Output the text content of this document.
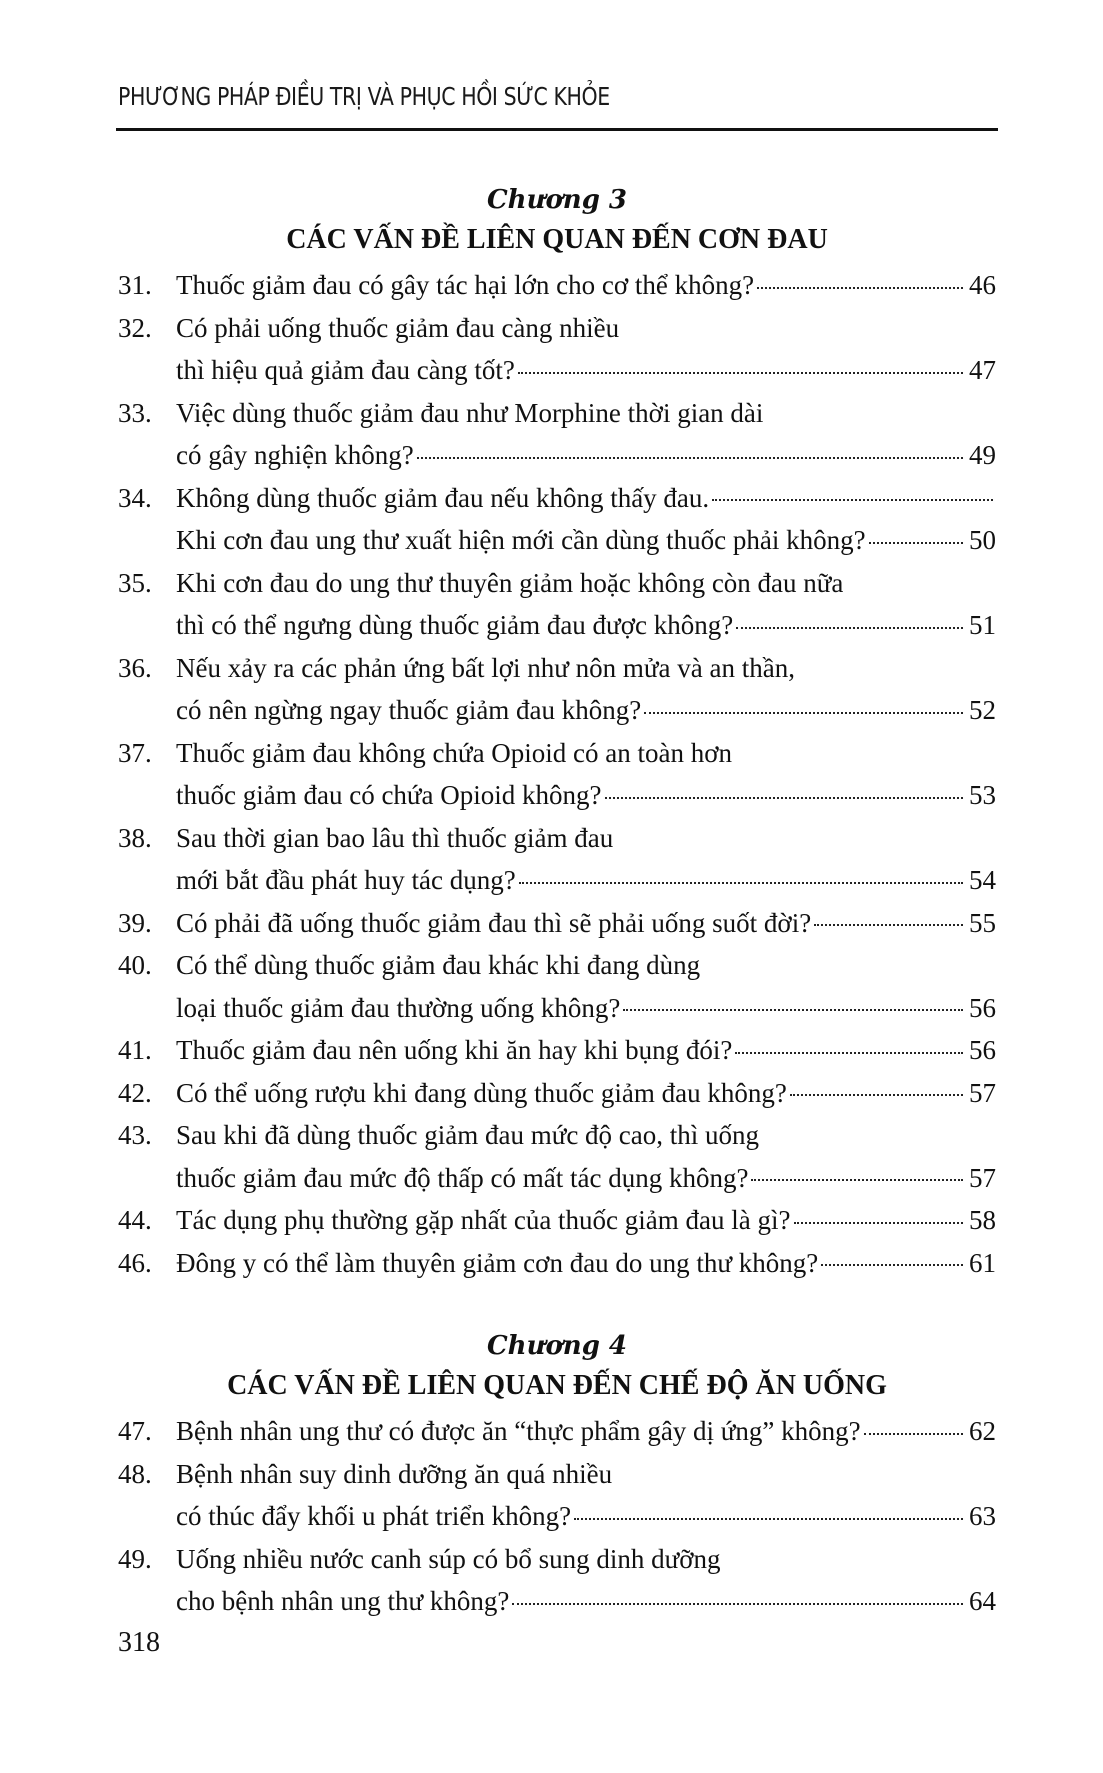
PHƯƠNG PHÁP ĐIỀU TRỊ VÀ PHỤC HỒI SỨC KHỎE
Chương 3
CÁC VẤN ĐỀ LIÊN QUAN ĐẾN CƠN ĐAU
31. Thuốc giảm đau có gây tác hại lớn cho cơ thể không?	46
32. Có phải uống thuốc giảm đau càng nhiều
thì hiệu quả giảm đau càng tốt?	47
33. Việc dùng thuốc giảm đau như Morphine thời gian dài
có gây nghiện không?	49
34. Không dùng thuốc giảm đau nếu không thấy đau.
Khi cơn đau ung thư xuất hiện mới cần dùng thuốc phải không?	50
35. Khi cơn đau do ung thư thuyên giảm hoặc không còn đau nữa
thì có thể ngưng dùng thuốc giảm đau được không?	51
36. Nếu xảy ra các phản ứng bất lợi như nôn mửa và an thần,
có nên ngừng ngay thuốc giảm đau không?	52
37. Thuốc giảm đau không chứa Opioid có an toàn hơn
thuốc giảm đau có chứa Opioid không?	53
38. Sau thời gian bao lâu thì thuốc giảm đau
mới bắt đầu phát huy tác dụng?	54
39. Có phải đã uống thuốc giảm đau thì sẽ phải uống suốt đời?	55
40. Có thể dùng thuốc giảm đau khác khi đang dùng
loại thuốc giảm đau thường uống không?	56
41. Thuốc giảm đau nên uống khi ăn hay khi bụng đói?	56
42. Có thể uống rượu khi đang dùng thuốc giảm đau không?	57
43. Sau khi đã dùng thuốc giảm đau mức độ cao, thì uống
thuốc giảm đau mức độ thấp có mất tác dụng không?	57
44. Tác dụng phụ thường gặp nhất của thuốc giảm đau là gì?	58
46. Đông y có thể làm thuyên giảm cơn đau do ung thư không?	61
Chương 4
CÁC VẤN ĐỀ LIÊN QUAN ĐẾN CHẾ ĐỘ ĂN UỐNG
47. Bệnh nhân ung thư có được ăn “thực phẩm gây dị ứng” không?	62
48. Bệnh nhân suy dinh dưỡng ăn quá nhiều
có thúc đẩy khối u phát triển không?	63
49. Uống nhiều nước canh súp có bổ sung dinh dưỡng
cho bệnh nhân ung thư không?	64
318
